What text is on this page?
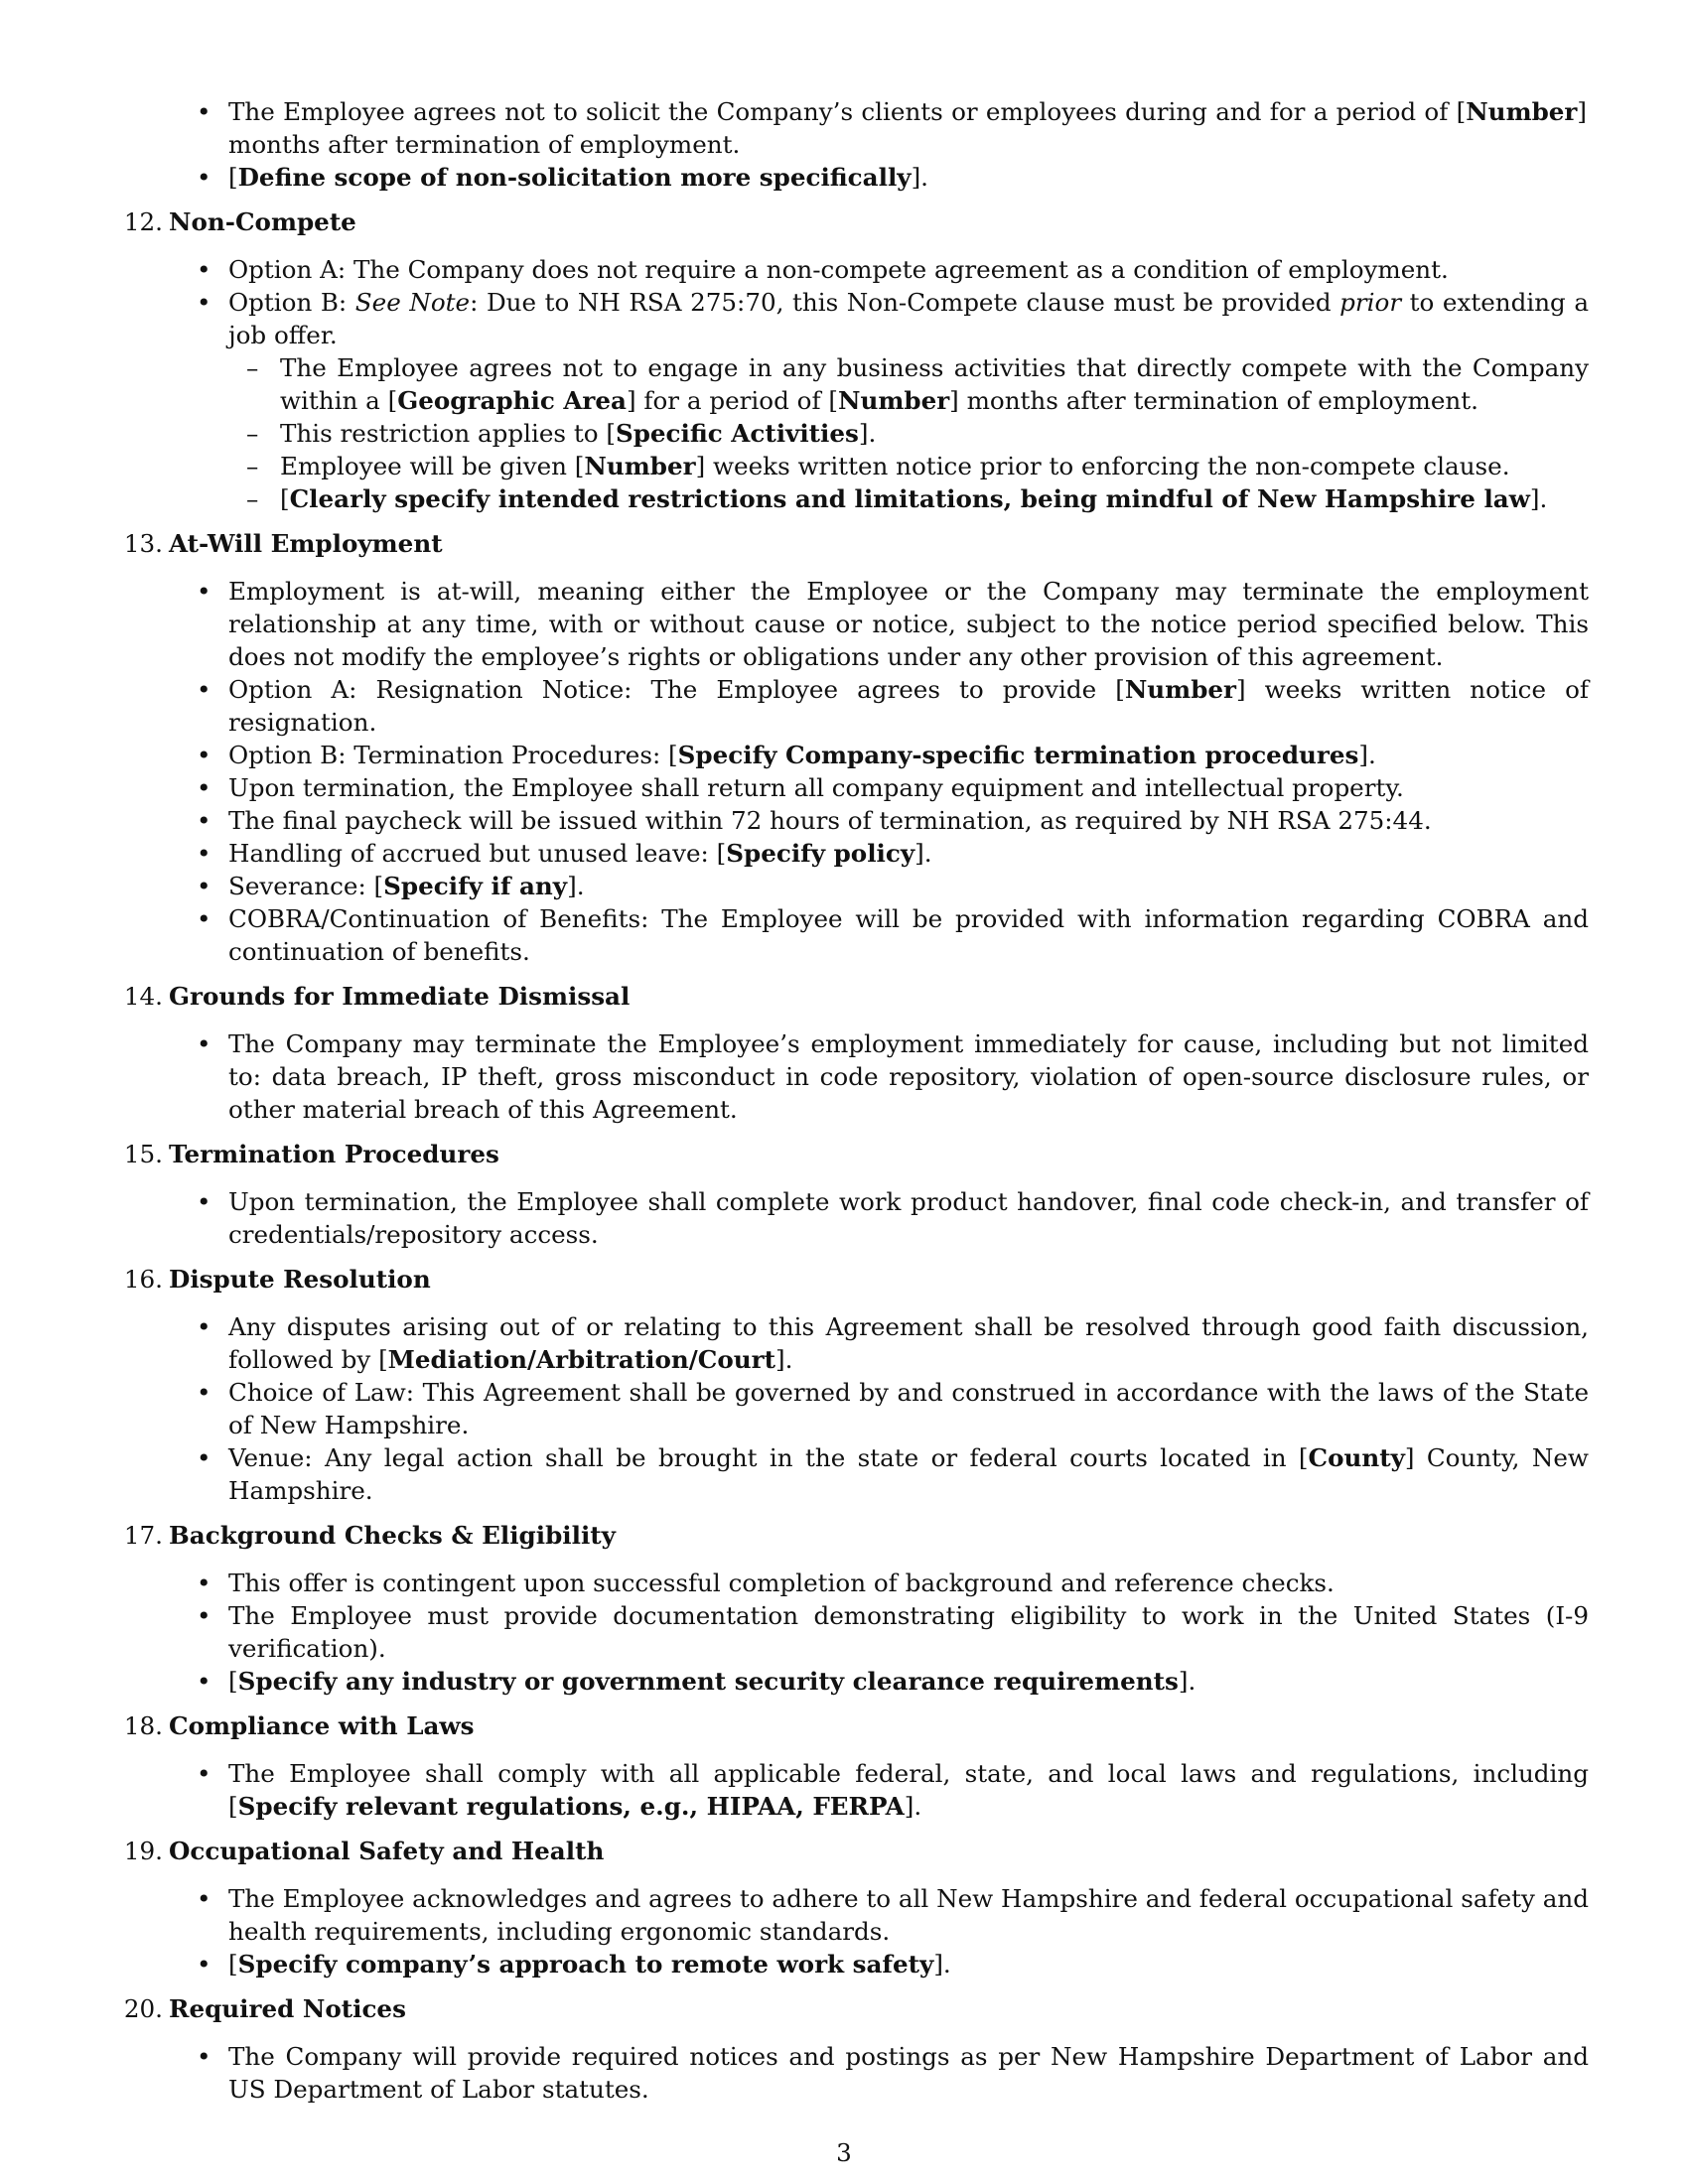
• The Employee agrees not to solicit the Company’s clients or employees during and for a period of [Number] months after termination of employment.
• [Define scope of non-solicitation more specifically].
12 . Non-Compete
• Option A: The Company does not require a non-compete agreement as a condition of employment.
• Option B: See Note: Due to NH RSA 275:70, this Non-Compete clause must be provided prior to extending a job offer.
– The Employee agrees not to engage in any business activities that directly compete with the Company within a [Geographic Area] for a period of [Number] months after termination of employment.
– This restriction applies to [Specific Activities].
– Employee will be given [Number] weeks written notice prior to enforcing the non-compete clause.
– [Clearly specify intended restrictions and limitations, being mindful of New Hampshire law].
13 . At-Will Employment
• Employment is at-will, meaning either the Employee or the Company may terminate the employment relationship at any time, with or without cause or notice, subject to the notice period specified below. This does not modify the employee’s rights or obligations under any other provision of this agreement.
• Option A: Resignation Notice: The Employee agrees to provide [Number] weeks written notice of resignation.
• Option B: Termination Procedures: [Specify Company-specific termination procedures].
• Upon termination, the Employee shall return all company equipment and intellectual property.
• The final paycheck will be issued within 72 hours of termination, as required by NH RSA 275:44.
• Handling of accrued but unused leave: [Specify policy].
• Severance: [Specify if any].
• COBRA/Continuation of Benefits: The Employee will be provided with information regarding COBRA and continuation of benefits.
14 . Grounds for Immediate Dismissal
• The Company may terminate the Employee’s employment immediately for cause, including but not limited to: data breach, IP theft, gross misconduct in code repository, violation of open-source disclosure rules, or other material breach of this Agreement.
15 . Termination Procedures
• Upon termination, the Employee shall complete work product handover, final code check-in, and transfer of credentials/repository access.
16 . Dispute Resolution
• Any disputes arising out of or relating to this Agreement shall be resolved through good faith discussion, followed by [Mediation/Arbitration/Court].
• Choice of Law: This Agreement shall be governed by and construed in accordance with the laws of the State of New Hampshire.
• Venue: Any legal action shall be brought in the state or federal courts located in [County] County, New Hampshire.
17 . Background Checks & Eligibility
• This offer is contingent upon successful completion of background and reference checks.
• The Employee must provide documentation demonstrating eligibility to work in the United States (I-9 verification).
• [Specify any industry or government security clearance requirements].
18 . Compliance with Laws
• The Employee shall comply with all applicable federal, state, and local laws and regulations, including [Specify relevant regulations, e.g., HIPAA, FERPA].
19 . Occupational Safety and Health
• The Employee acknowledges and agrees to adhere to all New Hampshire and federal occupational safety and health requirements, including ergonomic standards.
• [Specify company’s approach to remote work safety].
20 . Required Notices
• The Company will provide required notices and postings as per New Hampshire Department of Labor and US Department of Labor statutes.
3
